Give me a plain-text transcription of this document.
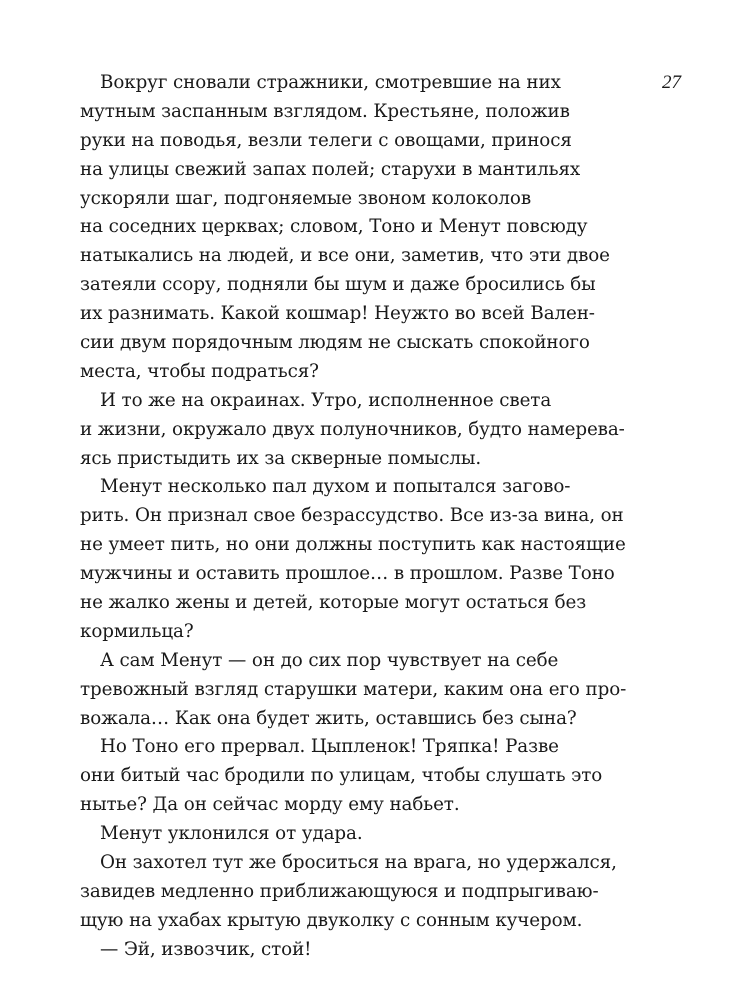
27
Вокруг сновали стражники, смотревшие на них
мутным заспанным взглядом. Крестьяне, положив
руки на поводья, везли телеги с овощами, принося
на улицы свежий запах полей; старухи в мантильях
ускоряли шаг, подгоняемые звоном колоколов
на соседних церквах; словом, Тоно и Менут повсюду
натыкались на людей, и все они, заметив, что эти двое
затеяли ссору, подняли бы шум и даже бросились бы
их разнимать. Какой кошмар! Неужто во всей Вален-
сии двум порядочным людям не сыскать спокойного
места, чтобы подраться?
И то же на окраинах. Утро, исполненное света
и жизни, окружало двух полуночников, будто намерева-
ясь пристыдить их за скверные помыслы.
Менут несколько пал духом и попытался загово-
рить. Он признал свое безрассудство. Все из-за вина, он
не умеет пить, но они должны поступить как настоящие
мужчины и оставить прошлое… в прошлом. Разве Тоно
не жалко жены и детей, которые могут остаться без
кормильца?
А сам Менут — он до сих пор чувствует на себе
тревожный взгляд старушки матери, каким она его про-
вожала… Как она будет жить, оставшись без сына?
Но Тоно его прервал. Цыпленок! Тряпка! Разве
они битый час бродили по улицам, чтобы слушать это
нытье? Да он сейчас морду ему набьет.
Менут уклонился от удара.
Он захотел тут же броситься на врага, но удержался,
завидев медленно приближающуюся и подпрыгиваю-
щую на ухабах крытую двуколку с сонным кучером.
— Эй, извозчик, стой!
